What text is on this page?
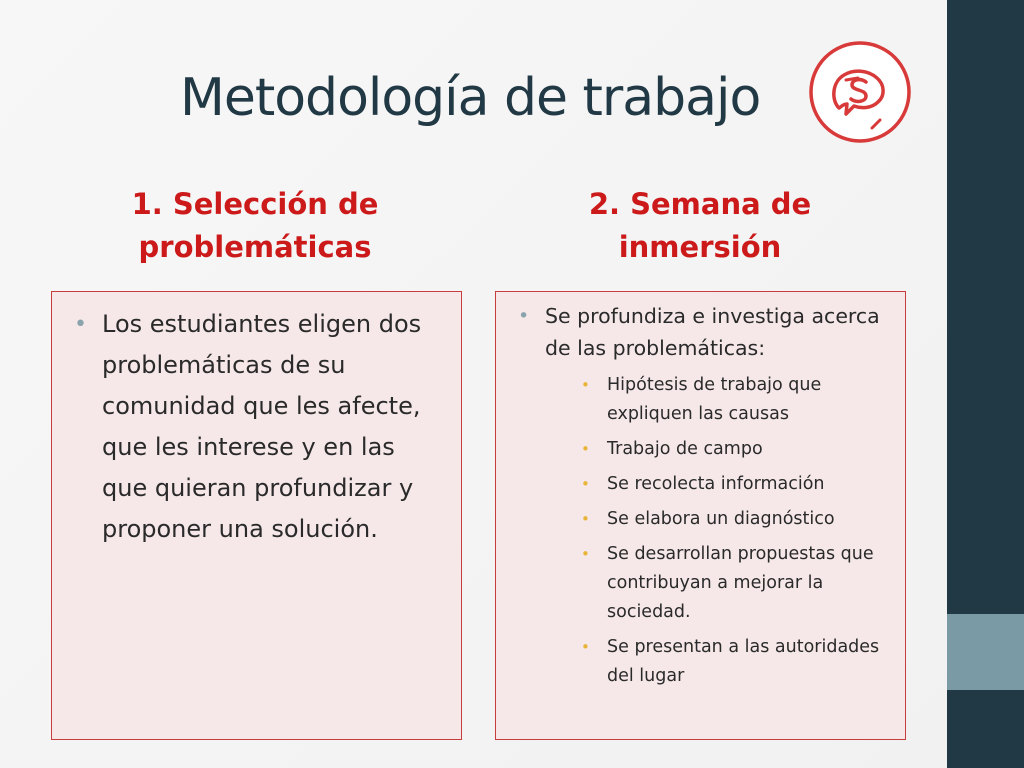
Metodología de trabajo
1. Selección de
problemáticas
2. Semana de
inmersión
• Los estudiantes eligen dos problemáticas de su comunidad que les afecte, que les interese y en las que quieran profundizar y proponer una solución.
• Se profundiza e investiga acerca de las problemáticas:
• Hipótesis de trabajo que expliquen las causas
• Trabajo de campo
• Se recolecta información
• Se elabora un diagnóstico
• Se desarrollan propuestas que contribuyan a mejorar la sociedad.
• Se presentan a las autoridades del lugar
